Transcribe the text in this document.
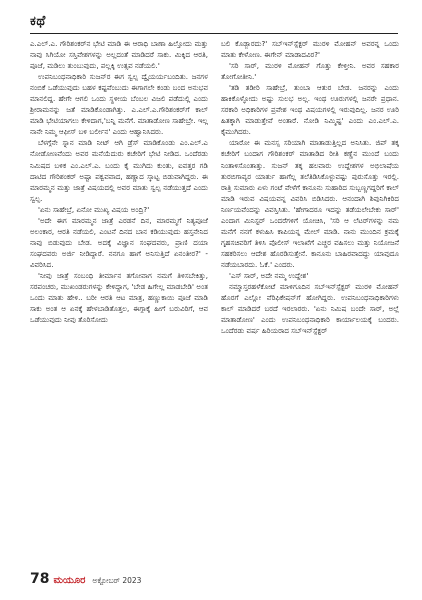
ಕಥೆ

ಎ.ಎಲ್.ಎ. ಗೌರಿಶಂಕರ್‌ನ ಭೇಟಿ ಮಾಡಿ ಈ ಆರಾಧಿ ಬಾಣಾ ಹಿಲ್ತೋದು ಮತ್ತು ನಾವು ಸಿಗಿಯೋ ಸಸ್ತಿವೇಶಗಳನ್ನು ಅಲ್ಲದಂತೆ ಮಾಡಿದರೆ ಸಾಕು. ಮಿಕ್ಕಿದ ಆರತಿ, ಪೂಜೆ, ಮಡಿಲು ತುಂಬುವುದು, ಪಲ್ಲಕ್ಕಿ ಉತ್ಸವ ನಡೆಯಲಿ.'

ಉಪನಿಬಂಧನಾಧಿಕಾರಿ ಸುಜನ್‌ರ ಈಗ ಸ್ವಲ್ಪ ದ್ವೈಯರ್ಯಬಂದಿತು. ಜನಗಳ ನಂಬಿಕೆ ಒಡೆಯುವುದು ಬಹಳ ಕಷ್ಟವೆಂಬುದು ಈಗಾಗಲೇ ಕಂಡು ಬಂದ ಅನುಭವ ಮಾನಲಿದ್ದ. ಹೇಗೇ ಆಗಲಿ ಒಂದು ಸ್ಥಳೀಯ ಬೆಂಬಲ ವಿಜಲಿ ಪಡೆದುಲ್ಲಿ ಎಂದು ಶ್ರೀರಾಮನನ್ನು ಜತೆ ಮಾಡಿಕೊಂಡಾಗಿತ್ತು. ಎ.ಎಲ್.ಎ.ಗೌರಿಶಂಕರ್‌ಗೆ ಕಾಲ್ ಮಾಡಿ ಭೇಟಿಯಾಗಲು ಕೇಳಿದಾಗ,'ಬನ್ನಿ ಮನೆಗೆ. ಮಾತಾಡೋಣ ಸಾಹೇಬ್ರೇ. ಇಲ್ಲ ನಾನೇ ನಿಮ್ಮ ಆಫೀಸ್ ಬಳಿ ಬರ್ಲೀನ' ಎಂದು ಆಹ್ವಾನಿಸಿದರು.

ಬೆಳಗ್ಗೆನೇ ಸ್ನಾನ ಮಾಡಿ ನೀಟ್ ಆಗಿ ಡ್ರೆಸ್ ಮಾಡಿಕೊಂಡು ಎಂ.ಎಲ್.ಎ ನೋಡೋಣವೆಂದು ಅವರ ಮನೆಯೆದುರು ಕಚೇರಿಗೆ ಭೇಟಿ ನೀಡಿದ. ಒಂದೆರಡು ನಿಮಿಷದ ಬಳಿಕ ಎಂ.ಎಲ್.ಎ. ಬಂದು ಕೈ ಮುಗಿದು ಕುಂತು, ಐವತ್ತರ ಗಡಿ ದಾಟಿದ ಗೌರಿಶಂಕರ್ ಅಷ್ಟಾ ಪಕ್ವವವಾದ, ಹಣ್ಣಾದ ಸ್ಕಾಟ್ಟ ಬಿಡುವಾಗಿದ್ದರು. ಈ ಮಾರಮ್ಮನ ಮತ್ತು ಜಾತ್ರೆ ವಿಷಯದಲ್ಲಿ ಅವರ ಮಾತು ಸ್ವಲ್ಪ ನಡೆಯುತ್ತದೆ ಎಂದು ಸ್ವಲ್ಪ.

'ಏನು ಸಾಹೇಬ್ರೆ, ಏನೋ ಮುಖ್ಯ ವಿಷಯ ಅಂದ್ರಿ?'

'ಅದೇ ಈಗ ಮಾರಮ್ಮನ ಜಾತ್ರೆ ಎರಡನೆ ದಿನ, ಮಾರಮ್ಮಗೆ ನಿತ್ಯಪೂಜೆ ಅಲಂಕಾರ, ಆರತಿ ನಡೆಯಲಿ, ಎಂಟನೆ ದಿನದ ಬಾನ ಕಡಿಯುವುದು ಹಸ್ತನೇನಿದ ನಾವು ಬಿಡುವುದು ಬೇಡ. ಅದಕ್ಕೆ ವಿಜ್ಞಾನ ಸಂಘದವರು, ಪ್ರಾಣಿ ದಯಾ ಸಂಘದವರು ಅರ್ಜಿ ನೀಡಿದ್ದಾರೆ. ನನಗೂ ಹಾಗೆ ಅನಿಸುತ್ತಿದೆ ಏನಂತೀರ?' - ವಿವರಿಸಿದ.

'ನೀವು ಜಾತ್ರೆ ಸಂಬಂಧಿ ತೀರ್ಮಾನ ತಗೋವಾಗ ನಮಗೆ ತಿಳಿಸಬೇಕಿತ್ತು, ಸರಪಂಚರು, ಮುಖಂಡರುಗಳನ್ನು ಕೇಳಿದ್ದಾಗ, 'ಬೇಡ ಹಿಗೇಲ್ಲ ಮಾಡಬೇಡಿ' ಅಂತ ಒಂದು ಮಾತು ಹೇಳಿ.. ಬರೀ ಆರತಿ ಆಟ ಮಾತ್ರ, ಹಣ್ಣುಕಾಯಿ ಪೂಜೆ ಮಾಡಿ ಸಾಕು ಅಂತ ಆ ಏನಕ್ಕೆ ಹೇಳಬಾಡಿತೊತ್ತಲ, ಈಗ್ಗಾಕ್ಕೆ ಹೀಗೆ ಬರುವಿರಿಗೆ, ಆವ ಒಡೆಯುವುದು ನೀವು ತೊರಿಸೋದು

ಬಲಿ ಕೊಡ್ಬಾರದು?' ಸಬ್‌ಇನ್‌ಸ್ಪೆಕ್ಟರ್ ಮುರಳಿ ಮೋಹನ್ ಅವರನ್ನ ಒಂದು ಮಾತು ಕೇಳೋಣ. ಈಗೇನ್ ಮಾಡಾದವಿರ?'

'ಸರಿ ಸಾರ್, ಮುರಳಿ ಮೋಹನ್ ಗೊತ್ತು ಕೇಳ್ತೀನಿ. ಅವರ ಸಹಕಾರ ತೋಗೋತೀನಿ.'

'ತಡಿ ತಡೀರಿ ಸಾಹೇಬ್ರೆ, ತುಂಬಾ ಆತುರ ಬೇಡ. ಜನರನ್ನು ಎಂದು ಹಾಕಿಕೊಳ್ಳೋದು ಅಷ್ಟು ಸುಲಭ ಅಲ್ಲ. ಇಂಥ ಊರುಗಳಲ್ಲಿ ಜನರೇ ಪ್ರಧಾನ. ಸರಕಾರಿ ಅಧಿಕಾರಿಗಳ ಪ್ರವೇಶ ಇಂಥ ವಿಷಯಗಳಲ್ಲಿ ಇರುವುದಿಲ್ಲ. ಜನರ ಊರಿ ಹಿತಕ್ಕಾಗಿ ಮಾಡುತ್ತೇವೆ ಅಂತಾರೆ. ನೋಡಿ ನಿಮ್ಮಿಷ್ಟ' ಎಂದು ಎಂ.ಎಲ್.ಎ. ಕೈಮುಗಿದರು.

ಯಾರೋ ಈ ಮನಸ್ಸ ಸರಿಯಾಗಿ ಮಾತಾಡುತ್ತಿಲ್ಲದ ಅನಿಸಿತು. ಜಿಪ್ ತಕ್ಕ ಕಚೇರಿಗೆ ಬಂದಾಗ ಗೌರಿಶಂಕರ್ ಮಾತಾಡಿದ ರೀತಿ ಕಣ್ಣೆನ ಮುಂದೆ ಬಂದು ನಿಂತಾಳಿಸೊಂತಾತ್ತು. ಸುಜನ್ ತಕ್ಕ ಹಲವಾರು ಉದ್ದೇಶಗಳ ಅಭಿಲಾಷೆಯ ತುರಬಿಗಾವ್ಯರ ಯಾರ್ತು ಹಾಗೆಲ್ಲ ತಲೆತಿಡಿಸಿಕೊಳ್ಳುವಷ್ಟು ಪುರುಸೊತ್ತು ಇರಲ್ಲಿ. ರಾತ್ರಿ ಸುಮಾರು ಏಳು ಗಂಟೆ ವೇಳೆಗೆ ಕಾನೂನು ಸುಹಾರಿದ ಸುಬ್ಬಣ್ಣಗದ್ದರಿಗೆ ಕಾಲ್ ಮಾಡಿ ಇರುವ ವಿಷಯವನ್ನ ವಿವರಿಸಿ ಬಿಡಿಸಿದರು. ಆನಂದಾಗಿ ಶಿವುನಿಗಿಕಿರಿದ ನಿರ್ಣಯವೆಂದನ್ನು ವಿವಸ್ತಿಸಿತು. 'ಹೇಗಾದರೂ ಇದನ್ನು ತಡೆಯಲೇಬೇಕು ಸಾರ್' ಎಂದಾಗ ಮಿನಿಸ್ಟರ್ ಒಂದರೆಗಳಿಗೆ ಯೋಚಿಸಿ, 'ಸರಿ ಆ ಲೆಟರ್‌ಗಳನ್ನು ನಮ ಮನೆಗೆ ನನಗೆ ಕಳುಹಿಸಿ ಕಾಪಿಯನ್ನ ಮೇಲ್ ಮಾಡಿ. ನಾನು ಮುಂದಿನ ಕ್ರಮಕ್ಕೆ ಗೃಹಸಚಿವರಿಗೆ ತಿಳಿಸಿ ಪೊಲೀಸ್ ಇಲಾಖೆಗೆ ಎಚ್ಚರ ವಹಿಸಲು ಮತ್ತು ನಿಯೋಜನೆ ಸಹಕರಿಸಲು ಆದೇಶ ಹೊರಡಿಸುತ್ತೇನೆ. ಕಾನೂನು ಬಾಹಿರವಾದದ್ದು ಯಾವುದೂ ನಡೆಯಬಾರದು. ಓಕೆ.' ಎಂದರು.

'ಎಸ್ ಸಾರ್, ಅದೇ ನಮ್ಮ ಉದ್ದೇಶ'

ನಮ್ಮಾಸ್ತರಹಳೆಕೋಟೆ ಮಾಳಿಗೂದಿನ ಸಬ್‌ಇನ್‌ಸ್ಪೆಕ್ಟರ್ ಮುರಳಿ ಮೋಹನ್ ಹೊರಗೆ ಎಲ್ಲೋ ವೆರಿಫಿಕೇಷನ್‌ಗೆ ಹೋಗಿದ್ದರು. ಉಪನಿಬಂಧನಾಧಿಕಾರಿಗಳು ಕಾಲ್ ಮಾಡಿದರೆ ಬರದೆ ಇರಲಾರರು. 'ಏನು ನಿಮಿಷ ಬಂದೇ ಸಾರ್, ಅಲ್ಲೆ ಮಾತಾಡೋಣ' ಎಂದು ಉಪನಿಬಂಧನಾಧಿಕಾರಿ ಕಾರ್ಯಾಲಯಕ್ಕೆ ಬಂದರು. ಒಂದೆರಡು ವರ್ಷ ಹಿರಿಯರಾದ ಸಬ್‌ಇನ್‌ಸ್ಪೆಕ್ಟರ್

78 ಮಯೂರ ಅಕ್ಟೋಬರ್ 2023
